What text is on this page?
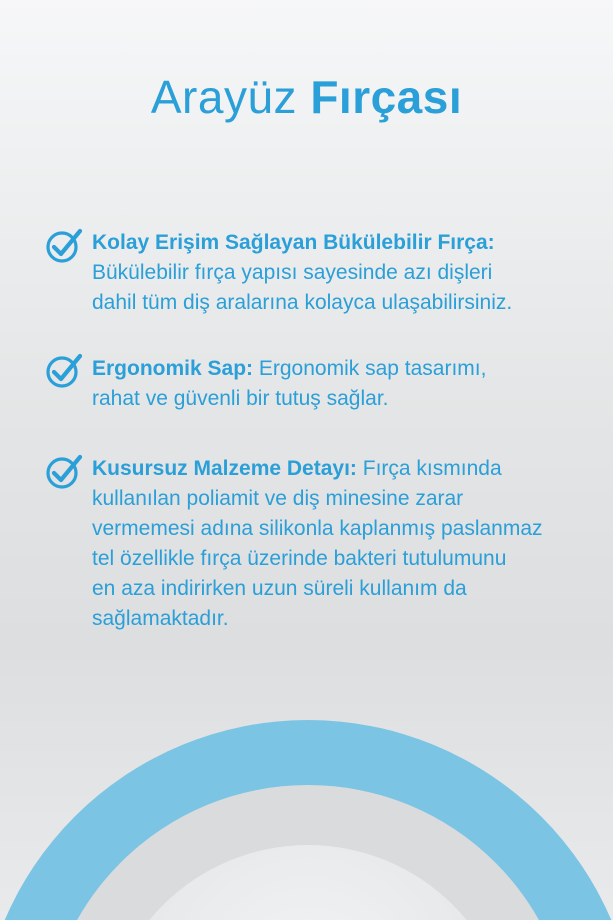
Arayüz Fırçası
Kolay Erişim Sağlayan Bükülebilir Fırça:
Bükülebilir fırça yapısı sayesinde azı dişleri
dahil tüm diş aralarına kolayca ulaşabilirsiniz.
Ergonomik Sap: Ergonomik sap tasarımı,
rahat ve güvenli bir tutuş sağlar.
Kusursuz Malzeme Detayı: Fırça kısmında
kullanılan poliamit ve diş minesine zarar
vermemesi adına silikonla kaplanmış paslanmaz
tel özellikle fırça üzerinde bakteri tutulumunu
en aza indirirken uzun süreli kullanım da
sağlamaktadır.
